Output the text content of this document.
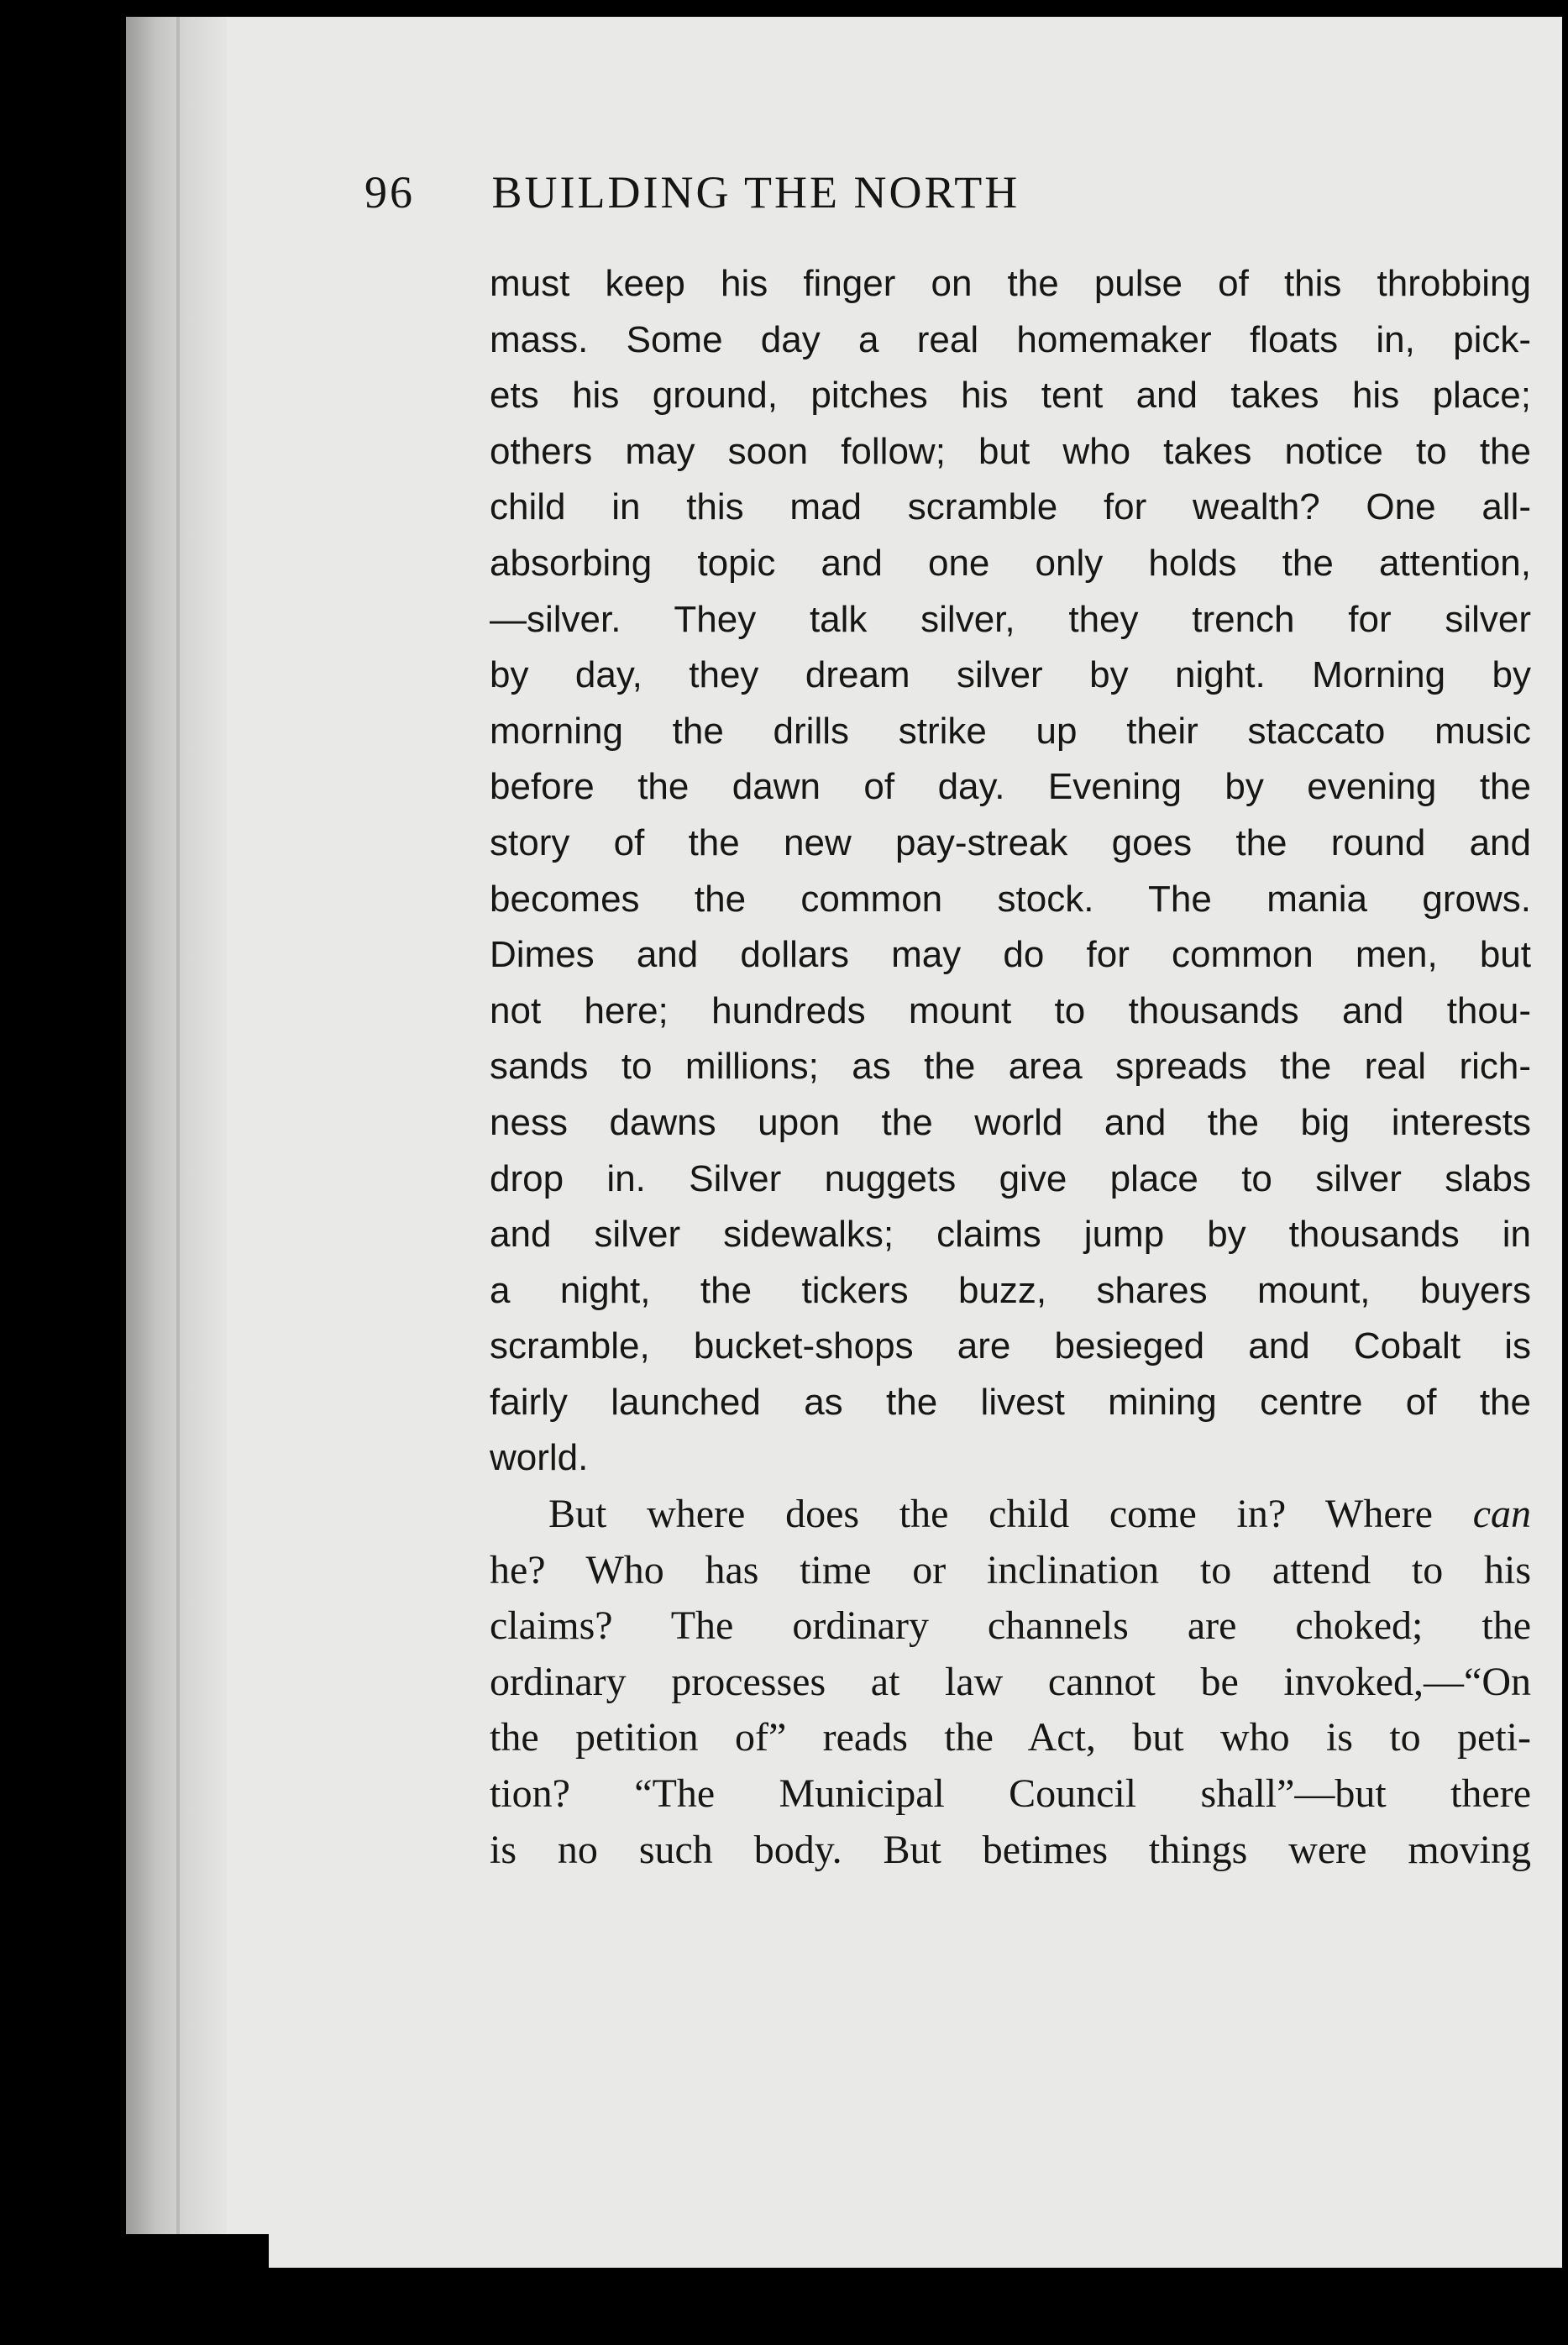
96 BUILDING THE NORTH
must keep his finger on the pulse of this throbbing
mass. Some day a real homemaker floats in, pick-
ets his ground, pitches his tent and takes his place;
others may soon follow; but who takes notice to the
child in this mad scramble for wealth? One all-
absorbing topic and one only holds the attention,
—silver. They talk silver, they trench for silver
by day, they dream silver by night. Morning by
morning the drills strike up their staccato music
before the dawn of day. Evening by evening the
story of the new pay-streak goes the round and
becomes the common stock. The mania grows.
Dimes and dollars may do for common men, but
not here; hundreds mount to thousands and thou-
sands to millions; as the area spreads the real rich-
ness dawns upon the world and the big interests
drop in. Silver nuggets give place to silver slabs
and silver sidewalks; claims jump by thousands in
a night, the tickers buzz, shares mount, buyers
scramble, bucket-shops are besieged and Cobalt is
fairly launched as the livest mining centre of the
world.
But where does the child come in? Where can
he? Who has time or inclination to attend to his
claims? The ordinary channels are choked; the
ordinary processes at law cannot be invoked,—“On
the petition of” reads the Act, but who is to peti-
tion? “The Municipal Council shall”—but there
is no such body. But betimes things were moving
